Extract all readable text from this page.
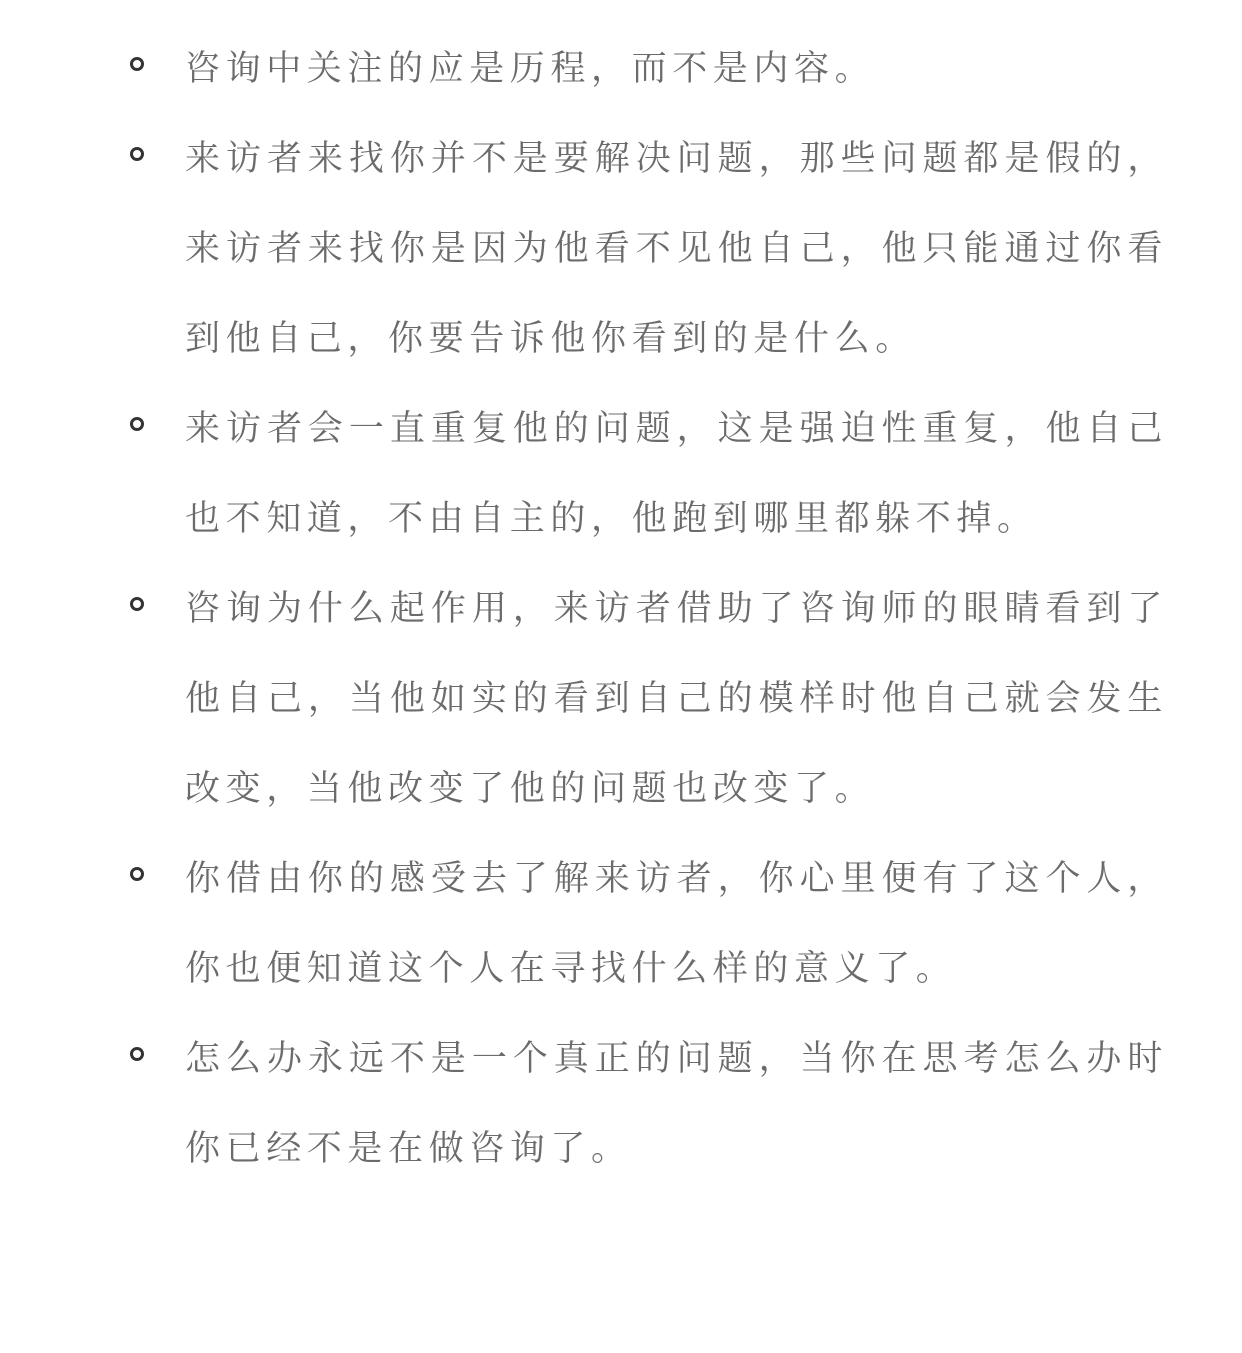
咨询中关注的应是历程，而不是内容。

来访者来找你并不是要解决问题，那些问题都是假的，来访者来找你是因为他看不见他自己，他只能通过你看到他自己，你要告诉他你看到的是什么。

来访者会一直重复他的问题，这是强迫性重复，他自己也不知道，不由自主的，他跑到哪里都躲不掉。

咨询为什么起作用，来访者借助了咨询师的眼睛看到了他自己，当他如实的看到自己的模样时他自己就会发生改变，当他改变了他的问题也改变了。

你借由你的感受去了解来访者，你心里便有了这个人，你也便知道这个人在寻找什么样的意义了。

怎么办永远不是一个真正的问题，当你在思考怎么办时你已经不是在做咨询了。
